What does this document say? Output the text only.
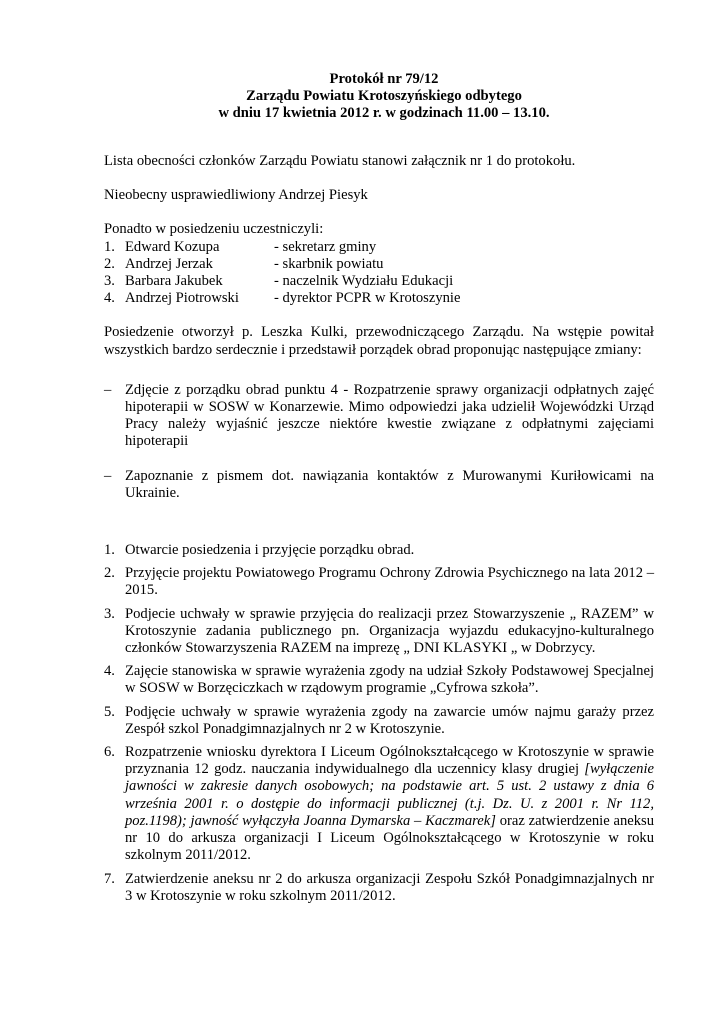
Protokół nr 79/12
Zarządu Powiatu Krotoszyńskiego odbytego
w dniu 17 kwietnia 2012 r. w godzinach 11.00 – 13.10.
Lista obecności członków Zarządu Powiatu stanowi załącznik nr 1 do protokołu.
Nieobecny usprawiedliwiony Andrzej Piesyk
Ponadto w posiedzeniu uczestniczyli:
1. Edward Kozupa	- sekretarz gminy
2. Andrzej Jerzak	- skarbnik powiatu
3. Barbara Jakubek	- naczelnik Wydziału Edukacji
4. Andrzej Piotrowski	- dyrektor PCPR w Krotoszynie
Posiedzenie otworzył p. Leszka Kulki, przewodniczącego Zarządu. Na wstępie powitał wszystkich bardzo serdecznie i przedstawił porządek obrad proponując następujące zmiany:
– Zdjęcie z porządku obrad punktu 4 - Rozpatrzenie sprawy organizacji odpłatnych zajęć hipoterapii w SOSW w Konarzewie. Mimo odpowiedzi jaka udzielił Wojewódzki Urząd Pracy należy wyjaśnić jeszcze niektóre kwestie związane z odpłatnymi zajęciami hipoterapii
– Zapoznanie z pismem dot. nawiązania kontaktów z Murowanymi Kuriłowicami na Ukrainie.
1. Otwarcie posiedzenia i przyjęcie porządku obrad.
2. Przyjęcie projektu Powiatowego Programu Ochrony Zdrowia Psychicznego na lata 2012 – 2015.
3. Podjecie uchwały w sprawie przyjęcia do realizacji przez Stowarzyszenie „ RAZEM” w Krotoszynie zadania publicznego pn. Organizacja wyjazdu edukacyjno-kulturalnego członków Stowarzyszenia RAZEM na imprezę „ DNI KLASYKI „ w Dobrzycy.
4. Zajęcie stanowiska w sprawie wyrażenia zgody na udział Szkoły Podstawowej Specjalnej w SOSW w Borzęciczkach w rządowym programie „Cyfrowa szkoła”.
5. Podjęcie uchwały w sprawie wyrażenia zgody na zawarcie umów najmu garaży przez Zespół szkol Ponadgimnazjalnych nr 2 w Krotoszynie.
6. Rozpatrzenie wniosku dyrektora I Liceum Ogólnokształcącego w Krotoszynie w sprawie przyznania 12 godz. nauczania indywidualnego dla uczennicy klasy drugiej [wyłączenie jawności w zakresie danych osobowych; na podstawie art. 5 ust. 2 ustawy z dnia 6 września 2001 r. o dostępie do informacji publicznej (t.j. Dz. U. z 2001 r. Nr 112, poz.1198); jawność wyłączyła Joanna Dymarska – Kaczmarek] oraz zatwierdzenie aneksu nr 10 do arkusza organizacji I Liceum Ogólnokształcącego w Krotoszynie w roku szkolnym 2011/2012.
7. Zatwierdzenie aneksu nr 2 do arkusza organizacji Zespołu Szkół Ponadgimnazjalnych nr 3 w Krotoszynie w roku szkolnym 2011/2012.
